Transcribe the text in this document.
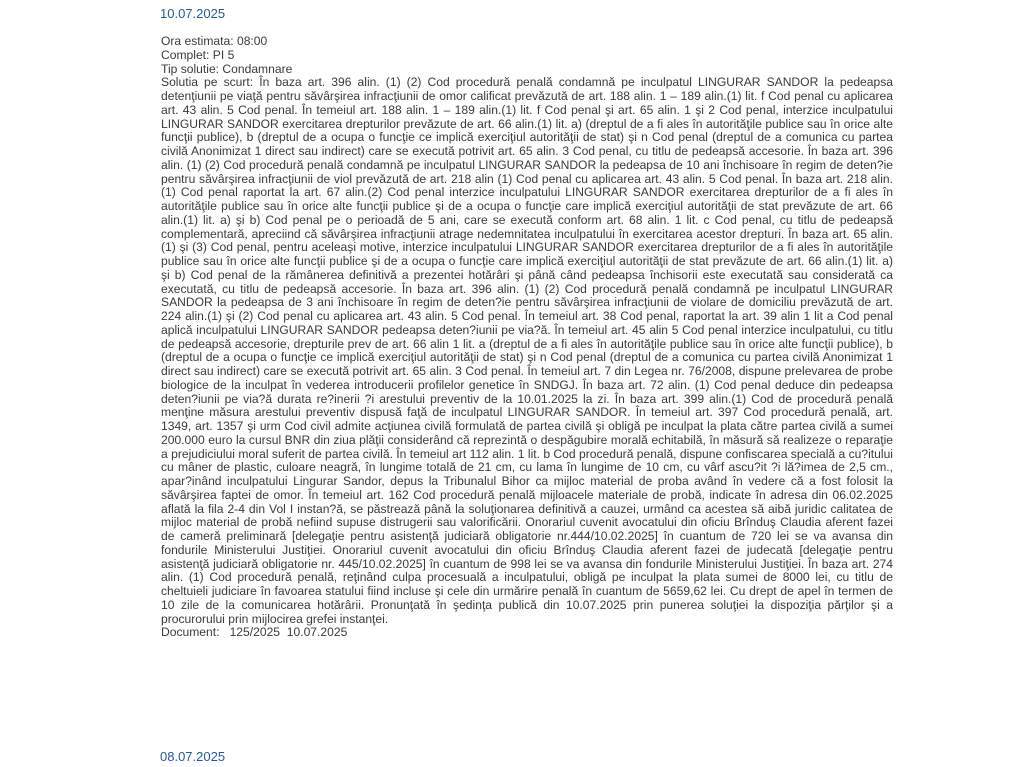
10.07.2025
Ora estimata: 08:00
Complet: PI 5
Tip solutie: Condamnare
Solutia pe scurt: În baza art. 396 alin. (1) (2) Cod procedură penală condamnă pe inculpatul LINGURAR SANDOR la pedeapsa detenţiunii pe viaţă pentru săvârşirea infracţiunii de omor calificat prevăzută de art. 188 alin. 1 – 189 alin.(1) lit. f Cod penal cu aplicarea art. 43 alin. 5 Cod penal. În temeiul art. 188 alin. 1 – 189 alin.(1) lit. f Cod penal şi art. 65 alin. 1 şi 2 Cod penal, interzice inculpatului LINGURAR SANDOR exercitarea drepturilor prevăzute de art. 66 alin.(1) lit. a) (dreptul de a fi ales în autorităţile publice sau în orice alte funcţii publice), b (dreptul de a ocupa o funcţie ce implică exerciţiul autorităţii de stat) şi n Cod penal (dreptul de a comunica cu partea civilă Anonimizat 1 direct sau indirect) care se execută potrivit art. 65 alin. 3 Cod penal, cu titlu de pedeapsă accesorie. În baza art. 396 alin. (1) (2) Cod procedură penală condamnă pe inculpatul LINGURAR SANDOR la pedeapsa de 10 ani închisoare în regim de deten?ie pentru săvârşirea infracţiunii de viol prevăzută de art. 218 alin (1) Cod penal cu aplicarea art. 43 alin. 5 Cod penal. În baza art. 218 alin.(1) Cod penal raportat la art. 67 alin.(2) Cod penal interzice inculpatului LINGURAR SANDOR exercitarea drepturilor de a fi ales în autorităţile publice sau în orice alte funcţii publice şi de a ocupa o funcţie care implică exerciţiul autorităţii de stat prevăzute de art. 66 alin.(1) lit. a) şi b) Cod penal pe o perioadă de 5 ani, care se execută conform art. 68 alin. 1 lit. c Cod penal, cu titlu de pedeapsă complementară, apreciind că săvârşirea infracţiunii atrage nedemnitatea inculpatului în exercitarea acestor drepturi. În baza art. 65 alin.(1) şi (3) Cod penal, pentru aceleaşi motive, interzice inculpatului LINGURAR SANDOR exercitarea drepturilor de a fi ales în autorităţile publice sau în orice alte funcţii publice şi de a ocupa o funcţie care implică exerciţiul autorităţii de stat prevăzute de art. 66 alin.(1) lit. a) şi b) Cod penal de la rămânerea definitivă a prezentei hotărâri şi până când pedeapsa închisorii este executată sau considerată ca executată, cu titlu de pedeapsă accesorie. În baza art. 396 alin. (1) (2) Cod procedură penală condamnă pe inculpatul LINGURAR SANDOR la pedeapsa de 3 ani închisoare în regim de deten?ie pentru săvârşirea infracţiunii de violare de domiciliu prevăzută de art. 224 alin.(1) şi (2) Cod penal cu aplicarea art. 43 alin. 5 Cod penal. În temeiul art. 38 Cod penal, raportat la art. 39 alin 1 lit a Cod penal aplică inculpatului LINGURAR SANDOR pedeapsa deten?iunii pe via?ă. În temeiul art. 45 alin 5 Cod penal interzice inculpatului, cu titlu de pedeapsă accesorie, drepturile prev de art. 66 alin 1 lit. a (dreptul de a fi ales în autorităţile publice sau în orice alte funcţii publice), b (dreptul de a ocupa o funcţie ce implică exerciţiul autorităţii de stat) şi n Cod penal (dreptul de a comunica cu partea civilă Anonimizat 1 direct sau indirect) care se execută potrivit art. 65 alin. 3 Cod penal. În temeiul art. 7 din Legea nr. 76/2008, dispune prelevarea de probe biologice de la inculpat în vederea introducerii profilelor genetice în SNDGJ. În baza art. 72 alin. (1) Cod penal deduce din pedeapsa deten?iunii pe via?ă durata re?inerii ?i arestului preventiv de la 10.01.2025 la zi. În baza art. 399 alin.(1) Cod de procedură penală menţine măsura arestului preventiv dispusă faţă de inculpatul LINGURAR SANDOR. În temeiul art. 397 Cod procedură penală, art. 1349, art. 1357 şi urm Cod civil admite acţiunea civilă formulată de partea civilă şi obligă pe inculpat la plata către partea civilă a sumei 200.000 euro la cursul BNR din ziua plăţii considerând că reprezintă o despăgubire morală echitabilă, în măsură să realizeze o reparaţie a prejudiciului moral suferit de partea civilă. În temeiul art 112 alin. 1 lit. b Cod procedură penală, dispune confiscarea specială a cu?itului cu mâner de plastic, culoare neagră, în lungime totală de 21 cm, cu lama în lungime de 10 cm, cu vârf ascu?it ?i lă?imea de 2,5 cm., apar?inând inculpatului Lingurar Sandor, depus la Tribunalul Bihor ca mijloc material de proba având în vedere că a fost folosit la săvârşirea faptei de omor. În temeiul art. 162 Cod procedură penală mijloacele materiale de probă, indicate în adresa din 06.02.2025 aflată la fila 2-4 din Vol I instan?ă, se păstrează până la soluţionarea definitivă a cauzei, urmând ca acestea să aibă juridic calitatea de mijloc material de probă nefiind supuse distrugerii sau valorificării. Onorariul cuvenit avocatului din oficiu Brînduş Claudia aferent fazei de cameră preliminară [delegaţie pentru asistenţă judiciară obligatorie nr.444/10.02.2025] în cuantum de 720 lei se va avansa din fondurile Ministerului Justiţiei. Onorariul cuvenit avocatului din oficiu Brînduş Claudia aferent fazei de judecată [delegaţie pentru asistenţă judiciară obligatorie nr. 445/10.02.2025] în cuantum de 998 lei se va avansa din fondurile Ministerului Justiţiei. În baza art. 274 alin. (1) Cod procedură penală, reţinând culpa procesuală a inculpatului, obligă pe inculpat la plata sumei de 8000 lei, cu titlu de cheltuieli judiciare în favoarea statului fiind incluse şi cele din urmărire penală în cuantum de 5659,62 lei. Cu drept de apel în termen de 10 zile de la comunicarea hotărârii. Pronunţată în şedinţa publică din 10.07.2025 prin punerea soluţiei la dispoziţia părţilor şi a procurorului prin mijlocirea grefei instanţei.
Document: 125/2025 10.07.2025
08.07.2025
